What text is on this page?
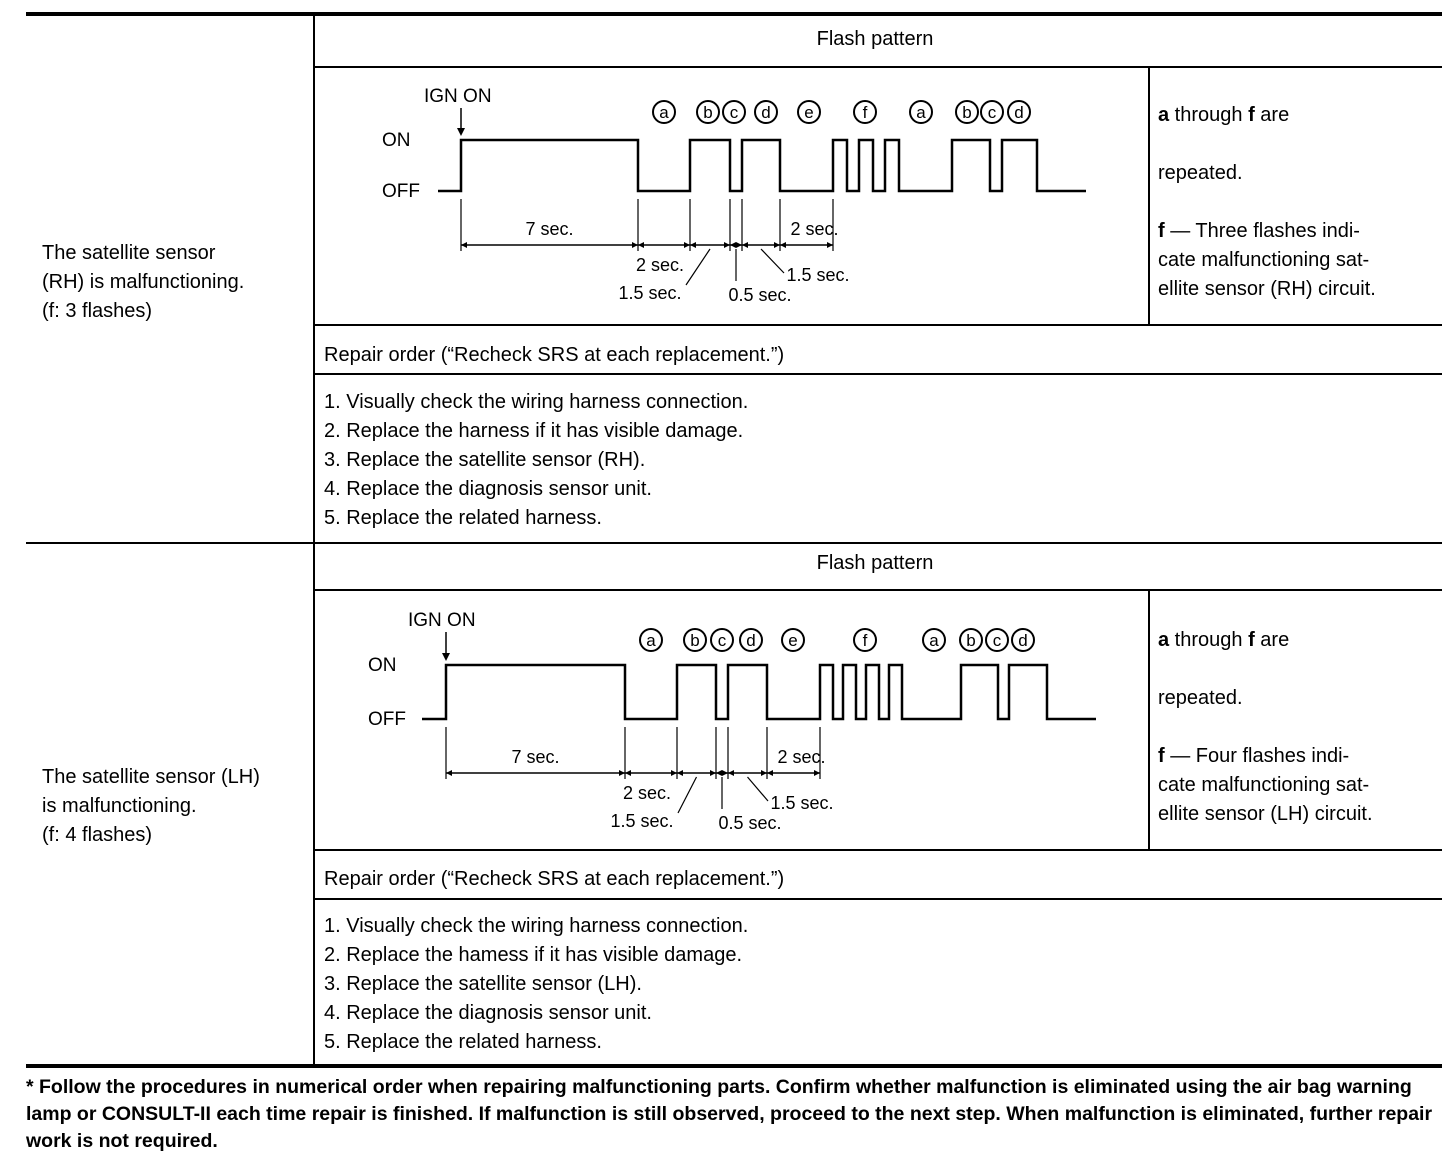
The satellite sensor
(RH) is malfunctioning.
(f: 3 flashes)
Flash pattern

a through f are

repeated.

f — Three flashes indi-
cate malfunctioning sat-
ellite sensor (RH) circuit.

Repair order (“Recheck SRS at each replacement.”)
1. Visually check the wiring harness connection.
2. Replace the harness if it has visible damage.
3. Replace the satellite sensor (RH).
4. Replace the diagnosis sensor unit.
5. Replace the related harness.
IGN ON
ON
OFF
a b c d e	f	a b c d
7 sec.	2 sec.
2 sec.
1.5 sec.	0.5 sec.
1.5 sec.
The satellite sensor (LH)
is malfunctioning.
(f: 4 flashes)
Flash pattern

a through f are

repeated.

f — Four flashes indi-
cate malfunctioning sat-
ellite sensor (LH) circuit.

Repair order (“Recheck SRS at each replacement.”)
1. Visually check the wiring harness connection.
2. Replace the hamess if it has visible damage.
3. Replace the satellite sensor (LH).
4. Replace the diagnosis sensor unit.
5. Replace the related harness.
IGN ON
ON
OFF
a b c d e	f	a b c d
7 sec.	2 sec.
2 sec.
1.5 sec. 0.5 sec.
1.5 sec.
* Follow the procedures in numerical order when repairing malfunctioning parts. Confirm whether malfunction is eliminated using the air bag warning lamp or CONSULT-II each time repair is finished. If malfunction is still observed, proceed to the next step. When malfunction is eliminated, further repair work is not required.
